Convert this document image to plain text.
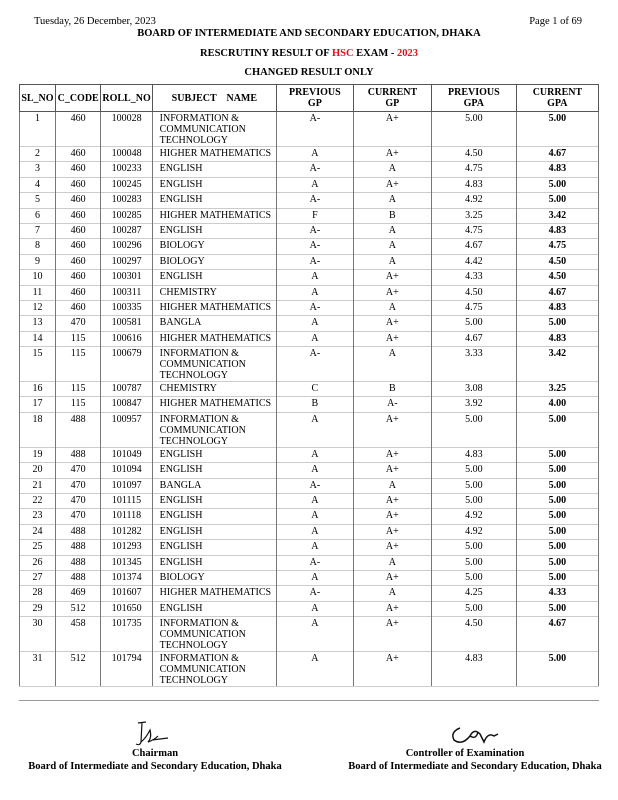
Tuesday, 26 December, 2023	Page 1 of 69
BOARD OF INTERMEDIATE AND SECONDARY EDUCATION, DHAKA
RESCRUTINY RESULT OF HSC EXAM - 2023
CHANGED RESULT ONLY
SL_NO	C_CODE	ROLL_NO	SUBJECT    NAME	PREVIOUS GP	CURRENT GP	PREVIOUS GPA	CURRENT GPA
1	460	100028	INFORMATION & COMMUNICATION TECHNOLOGY	A-	A+	5.00	5.00
2	460	100048	HIGHER MATHEMATICS	A	A+	4.50	4.67
3	460	100233	ENGLISH	A-	A	4.75	4.83
4	460	100245	ENGLISH	A	A+	4.83	5.00
5	460	100283	ENGLISH	A-	A	4.92	5.00
6	460	100285	HIGHER MATHEMATICS	F	B	3.25	3.42
7	460	100287	ENGLISH	A-	A	4.75	4.83
8	460	100296	BIOLOGY	A-	A	4.67	4.75
9	460	100297	BIOLOGY	A-	A	4.42	4.50
10	460	100301	ENGLISH	A	A+	4.33	4.50
11	460	100311	CHEMISTRY	A	A+	4.50	4.67
12	460	100335	HIGHER MATHEMATICS	A-	A	4.75	4.83
13	470	100581	BANGLA	A	A+	5.00	5.00
14	115	100616	HIGHER MATHEMATICS	A	A+	4.67	4.83
15	115	100679	INFORMATION & COMMUNICATION TECHNOLOGY	A-	A	3.33	3.42
16	115	100787	CHEMISTRY	C	B	3.08	3.25
17	115	100847	HIGHER MATHEMATICS	B	A-	3.92	4.00
18	488	100957	INFORMATION & COMMUNICATION TECHNOLOGY	A	A+	5.00	5.00
19	488	101049	ENGLISH	A	A+	4.83	5.00
20	470	101094	ENGLISH	A	A+	5.00	5.00
21	470	101097	BANGLA	A-	A	5.00	5.00
22	470	101115	ENGLISH	A	A+	5.00	5.00
23	470	101118	ENGLISH	A	A+	4.92	5.00
24	488	101282	ENGLISH	A	A+	4.92	5.00
25	488	101293	ENGLISH	A	A+	5.00	5.00
26	488	101345	ENGLISH	A-	A	5.00	5.00
27	488	101374	BIOLOGY	A	A+	5.00	5.00
28	469	101607	HIGHER MATHEMATICS	A-	A	4.25	4.33
29	512	101650	ENGLISH	A	A+	5.00	5.00
30	458	101735	INFORMATION & COMMUNICATION TECHNOLOGY	A	A+	4.50	4.67
31	512	101794	INFORMATION & COMMUNICATION TECHNOLOGY	A	A+	4.83	5.00
Chairman
Board of Intermediate and Secondary Education, Dhaka
Controller of Examination
Board of Intermediate and Secondary Education, Dhaka
